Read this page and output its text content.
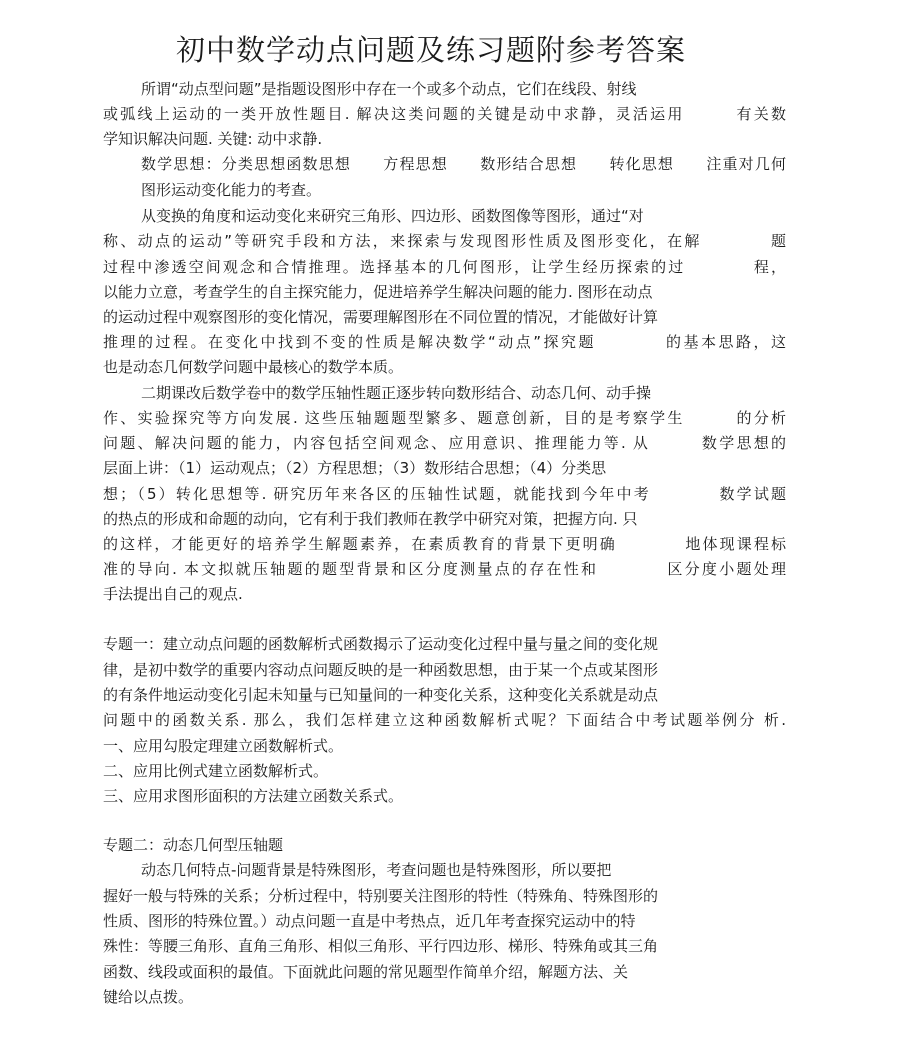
初中数学动点问题及练习题附参考答案
所谓“动点型问题”是指题设图形中存在一个或多个动点，它们在线段、射线
或弧线上运动的一类开放性题目. 解决这类问题的关键是动中求静，灵活运用　　　有关数
学知识解决问题. 关键: 动中求静.
数学思想：分类思想函数思想　　方程思想　　数形结合思想　　转化思想　　注重对几何
图形运动变化能力的考查。
从变换的角度和运动变化来研究三角形、四边形、函数图像等图形，通过“对
称、动点的运动”等研究手段和方法，来探索与发现图形性质及图形变化，在解　　　　题
过程中渗透空间观念和合情推理。选择基本的几何图形，让学生经历探索的过　　　　程，
以能力立意，考查学生的自主探究能力，促进培养学生解决问题的能力. 图形在动点
的运动过程中观察图形的变化情况，需要理解图形在不同位置的情况，才能做好计算
推理的过程。在变化中找到不变的性质是解决数学“动点”探究题　　　　的基本思路，这
也是动态几何数学问题中最核心的数学本质。
二期课改后数学卷中的数学压轴性题正逐步转向数形结合、动态几何、动手操
作、实验探究等方向发展. 这些压轴题题型繁多、题意创新，目的是考察学生　　　的分析
问题、解决问题的能力，内容包括空间观念、应用意识、推理能力等. 从　　　数学思想的
层面上讲：（1）运动观点；（2）方程思想；（3）数形结合思想；（4）分类思
想；（5）转化思想等. 研究历年来各区的压轴性试题，就能找到今年中考　　　　数学试题
的热点的形成和命题的动向，它有利于我们教师在教学中研究对策，把握方向. 只
的这样，才能更好的培养学生解题素养，在素质教育的背景下更明确　　　　地体现课程标
准的导向. 本文拟就压轴题的题型背景和区分度测量点的存在性和　　　　区分度小题处理
手法提出自己的观点.
专题一：建立动点问题的函数解析式函数揭示了运动变化过程中量与量之间的变化规
律，是初中数学的重要内容动点问题反映的是一种函数思想，由于某一个点或某图形
的有条件地运动变化引起未知量与已知量间的一种变化关系，这种变化关系就是动点
问题中的函数关系. 那么，我们怎样建立这种函数解析式呢？下面结合中考试题举例分 析.
一、应用勾股定理建立函数解析式。
二、应用比例式建立函数解析式。
三、应用求图形面积的方法建立函数关系式。
专题二：动态几何型压轴题
动态几何特点-问题背景是特殊图形，考查问题也是特殊图形，所以要把
握好一般与特殊的关系；分析过程中，特别要关注图形的特性（特殊角、特殊图形的
性质、图形的特殊位置。）动点问题一直是中考热点，近几年考查探究运动中的特
殊性：等腰三角形、直角三角形、相似三角形、平行四边形、梯形、特殊角或其三角
函数、线段或面积的最值。下面就此问题的常见题型作简单介绍，解题方法、关
键给以点拨。
